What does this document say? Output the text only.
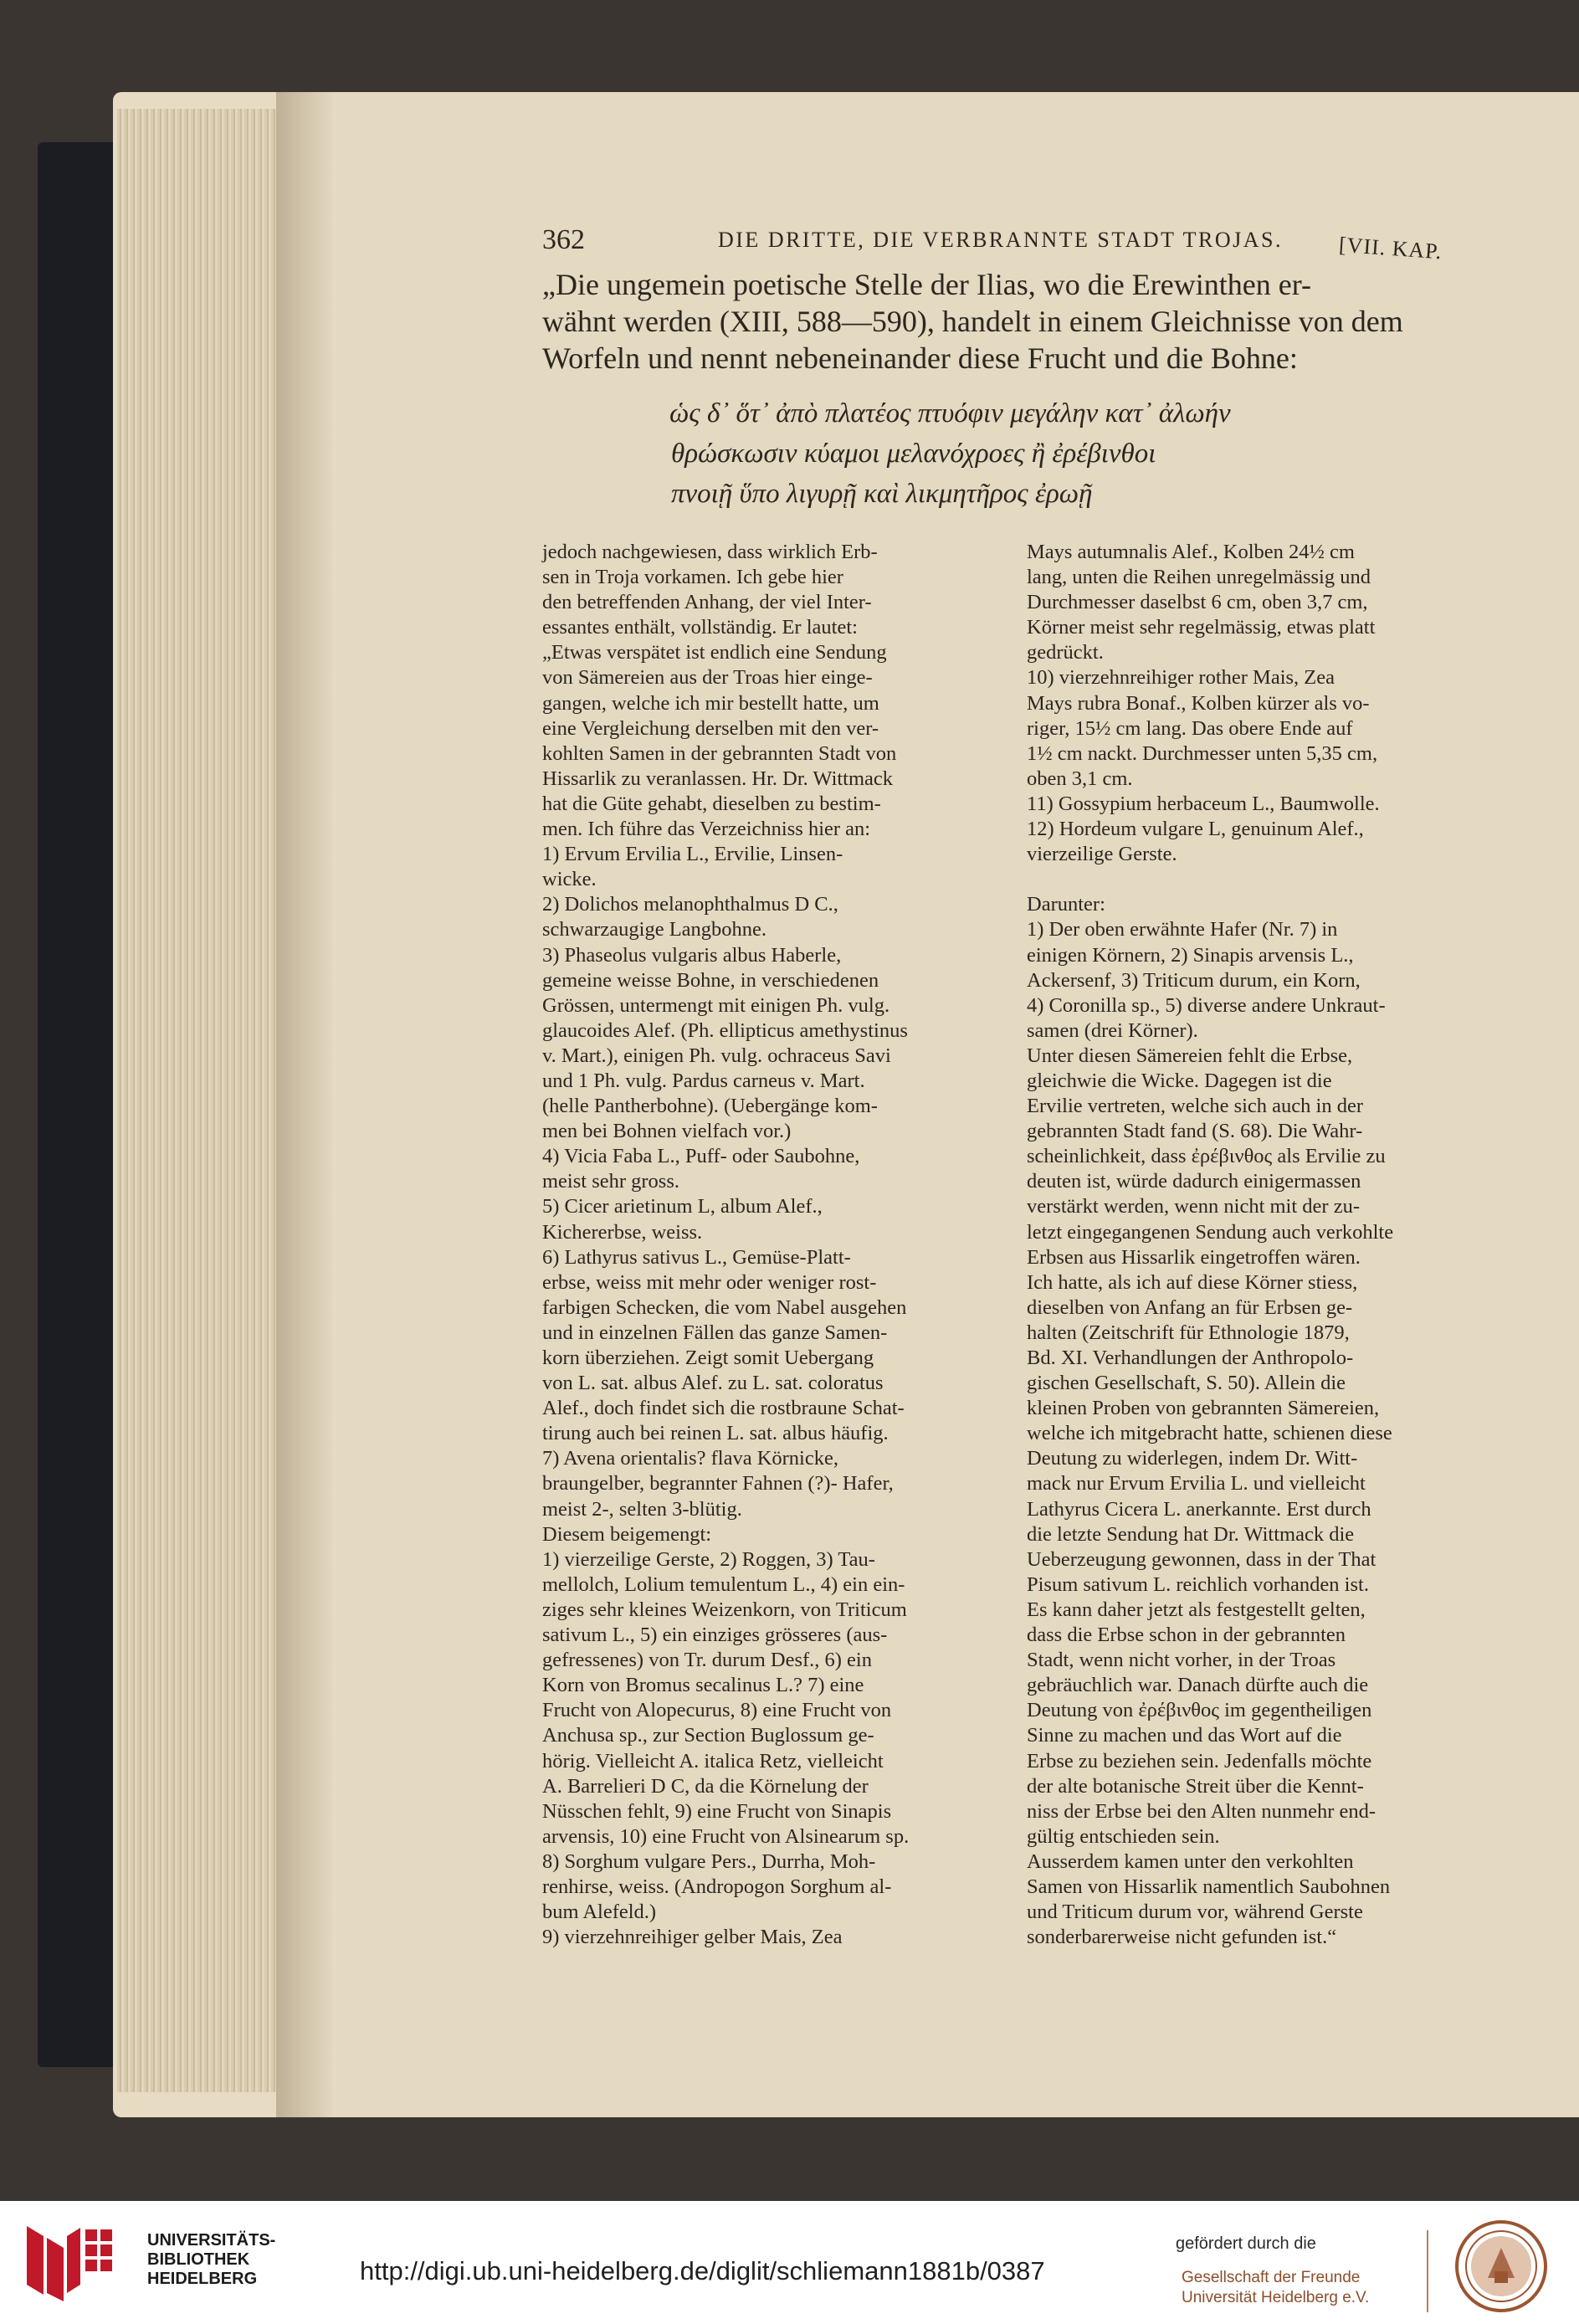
362	DIE DRITTE, DIE VERBRANNTE STADT TROJAS.	[VII. KAP.
„Die ungemein poetische Stelle der Ilias, wo die Erewinthen er-
wähnt werden (XIII, 588—590), handelt in einem Gleichnisse von dem
Worfeln und nennt nebeneinander diese Frucht und die Bohne:
ὡς δ᾽ ὅτ᾽ ἀπὸ πλατέος πτυόφιν μεγάλην κατ᾽ ἀλωήν
θρώσκωσιν κύαμοι μελανόχροες ἢ ἐρέβινθοι
πνοιῇ ὕπο λιγυρῇ καὶ λικμητῆρος ἐρωῇ
jedoch nachgewiesen, dass wirklich Erb-
sen in Troja vorkamen. Ich gebe hier
den betreffenden Anhang, der viel Inter-
essantes enthält, vollständig. Er lautet:
„Etwas verspätet ist endlich eine Sendung
von Sämereien aus der Troas hier einge-
gangen, welche ich mir bestellt hatte, um
eine Vergleichung derselben mit den ver-
kohlten Samen in der gebrannten Stadt von
Hissarlik zu veranlassen. Hr. Dr. Wittmack
hat die Güte gehabt, dieselben zu bestim-
men. Ich führe das Verzeichniss hier an:
1) Ervum Ervilia L., Ervilie, Linsen-
wicke.
2) Dolichos melanophthalmus D C.,
schwarzaugige Langbohne.
3) Phaseolus vulgaris albus Haberle,
gemeine weisse Bohne, in verschiedenen
Grössen, untermengt mit einigen Ph. vulg.
glaucoides Alef. (Ph. ellipticus amethystinus
v. Mart.), einigen Ph. vulg. ochraceus Savi
und 1 Ph. vulg. Pardus carneus v. Mart.
(helle Pantherbohne). (Uebergänge kom-
men bei Bohnen vielfach vor.)
4) Vicia Faba L., Puff- oder Saubohne,
meist sehr gross.
5) Cicer arietinum L, album Alef.,
Kichererbse, weiss.
6) Lathyrus sativus L., Gemüse-Platt-
erbse, weiss mit mehr oder weniger rost-
farbigen Schecken, die vom Nabel ausgehen
und in einzelnen Fällen das ganze Samen-
korn überziehen. Zeigt somit Uebergang
von L. sat. albus Alef. zu L. sat. coloratus
Alef., doch findet sich die rostbraune Schat-
tirung auch bei reinen L. sat. albus häufig.
7) Avena orientalis? flava Körnicke,
braungelber, begrannter Fahnen (?)- Hafer,
meist 2-, selten 3-blütig.
Diesem beigemengt:
1) vierzeilige Gerste, 2) Roggen, 3) Tau-
mellolch, Lolium temulentum L., 4) ein ein-
ziges sehr kleines Weizenkorn, von Triticum
sativum L., 5) ein einziges grösseres (aus-
gefressenes) von Tr. durum Desf., 6) ein
Korn von Bromus secalinus L.? 7) eine
Frucht von Alopecurus, 8) eine Frucht von
Anchusa sp., zur Section Buglossum ge-
hörig. Vielleicht A. italica Retz, vielleicht
A. Barrelieri D C, da die Körnelung der
Nüsschen fehlt, 9) eine Frucht von Sinapis
arvensis, 10) eine Frucht von Alsinearum sp.
8) Sorghum vulgare Pers., Durrha, Moh-
renhirse, weiss. (Andropogon Sorghum al-
bum Alefeld.)
9) vierzehnreihiger gelber Mais, Zea
Mays autumnalis Alef., Kolben 24½ cm
lang, unten die Reihen unregelmässig und
Durchmesser daselbst 6 cm, oben 3,7 cm,
Körner meist sehr regelmässig, etwas platt
gedrückt.
10) vierzehnreihiger rother Mais, Zea
Mays rubra Bonaf., Kolben kürzer als vo-
riger, 15½ cm lang. Das obere Ende auf
1½ cm nackt. Durchmesser unten 5,35 cm,
oben 3,1 cm.
11) Gossypium herbaceum L., Baumwolle.
12) Hordeum vulgare L, genuinum Alef.,
vierzeilige Gerste.

Darunter:
1) Der oben erwähnte Hafer (Nr. 7) in
einigen Körnern, 2) Sinapis arvensis L.,
Ackersenf, 3) Triticum durum, ein Korn,
4) Coronilla sp., 5) diverse andere Unkraut-
samen (drei Körner).
Unter diesen Sämereien fehlt die Erbse,
gleichwie die Wicke. Dagegen ist die
Ervilie vertreten, welche sich auch in der
gebrannten Stadt fand (S. 68). Die Wahr-
scheinlichkeit, dass ἐρέβινθος als Ervilie zu
deuten ist, würde dadurch einigermassen
verstärkt werden, wenn nicht mit der zu-
letzt eingegangenen Sendung auch verkohlte
Erbsen aus Hissarlik eingetroffen wären.
Ich hatte, als ich auf diese Körner stiess,
dieselben von Anfang an für Erbsen ge-
halten (Zeitschrift für Ethnologie 1879,
Bd. XI. Verhandlungen der Anthropolo-
gischen Gesellschaft, S. 50). Allein die
kleinen Proben von gebrannten Sämereien,
welche ich mitgebracht hatte, schienen diese
Deutung zu widerlegen, indem Dr. Witt-
mack nur Ervum Ervilia L. und vielleicht
Lathyrus Cicera L. anerkannte. Erst durch
die letzte Sendung hat Dr. Wittmack die
Ueberzeugung gewonnen, dass in der That
Pisum sativum L. reichlich vorhanden ist.
Es kann daher jetzt als festgestellt gelten,
dass die Erbse schon in der gebrannten
Stadt, wenn nicht vorher, in der Troas
gebräuchlich war. Danach dürfte auch die
Deutung von ἐρέβινθος im gegentheiligen
Sinne zu machen und das Wort auf die
Erbse zu beziehen sein. Jedenfalls möchte
der alte botanische Streit über die Kennt-
niss der Erbse bei den Alten nunmehr end-
gültig entschieden sein.
Ausserdem kamen unter den verkohlten
Samen von Hissarlik namentlich Saubohnen
und Triticum durum vor, während Gerste
sonderbarerweise nicht gefunden ist.“
UNIVERSITÄTS-
BIBLIOTHEK
HEIDELBERG	http://digi.ub.uni-heidelberg.de/diglit/schliemann1881b/0387
gefördert durch die
Gesellschaft der Freunde
Universität Heidelberg e.V.
